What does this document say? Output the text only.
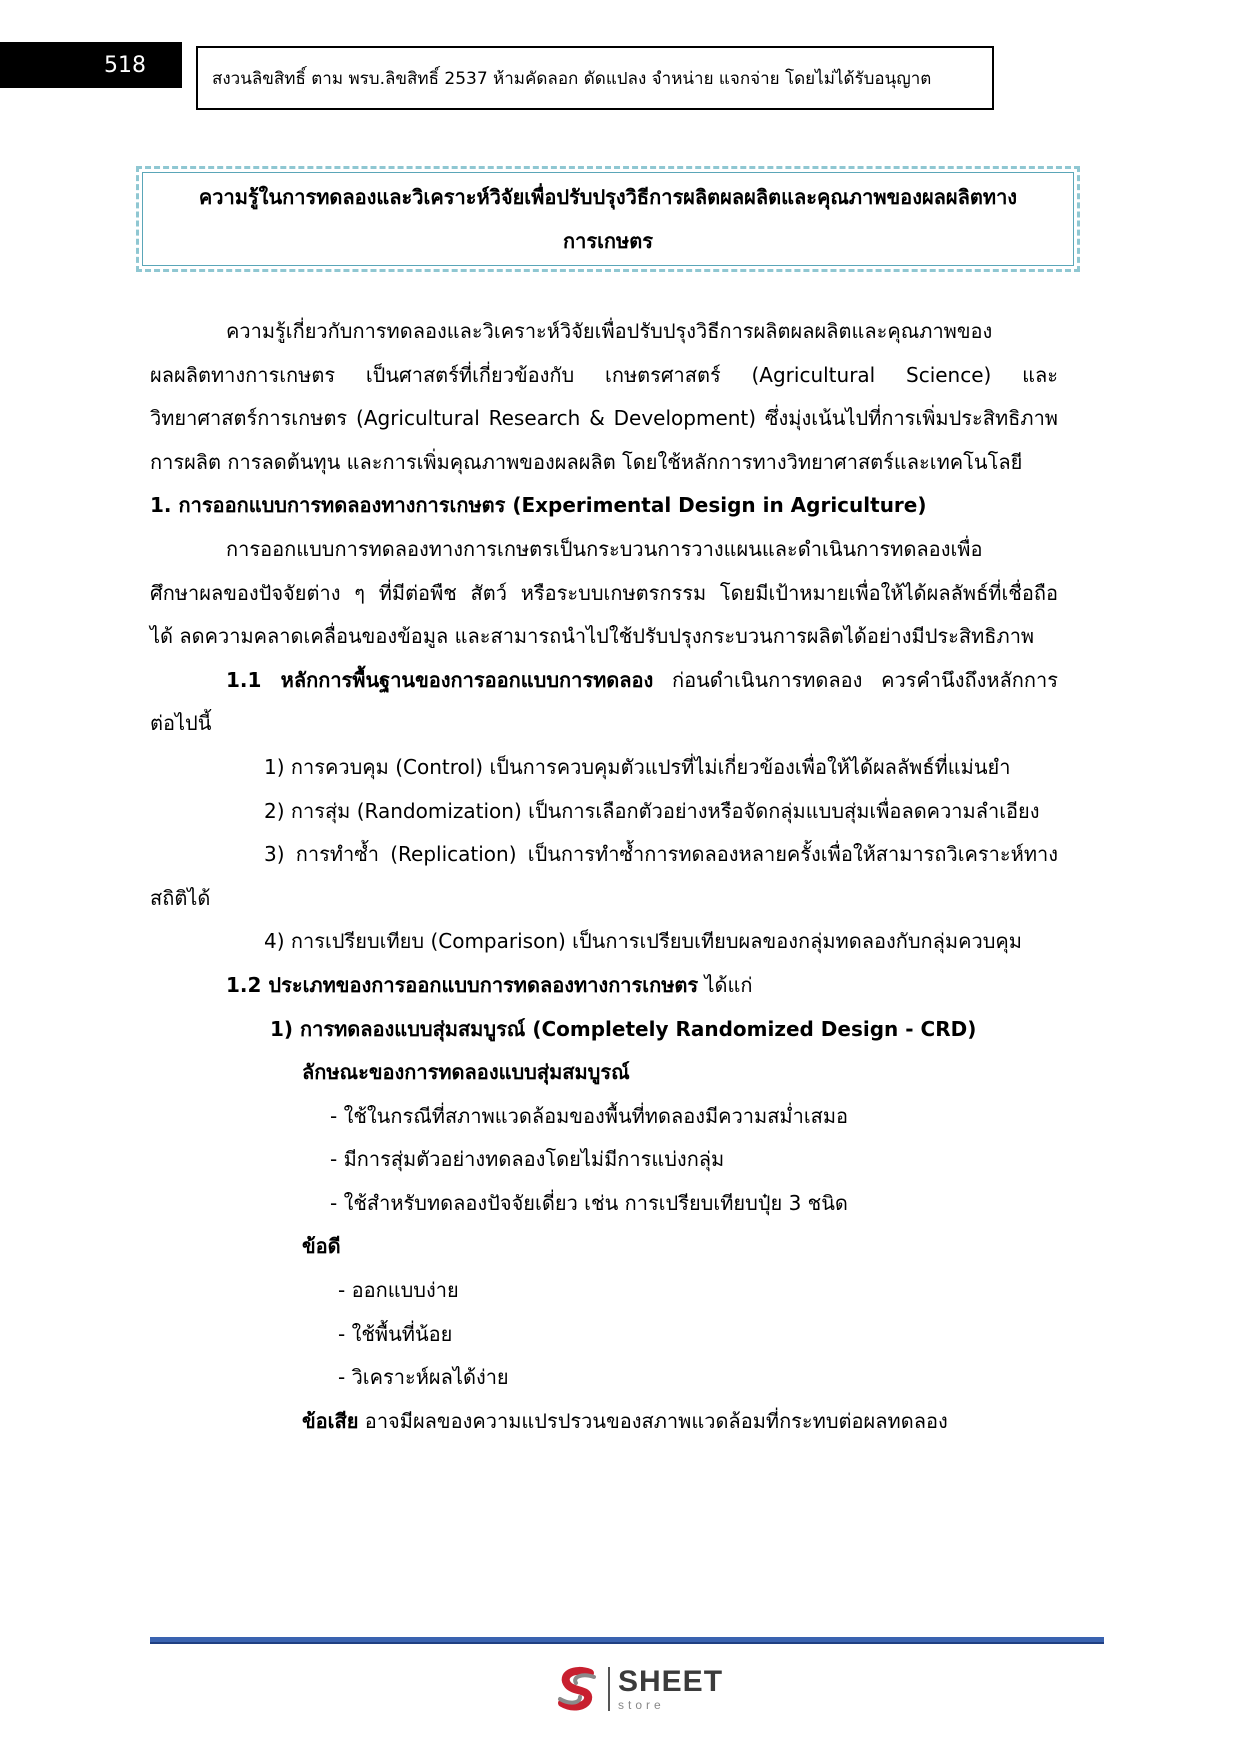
518
สงวนลิขสิทธิ์ ตาม พรบ.ลิขสิทธิ์ 2537 ห้ามคัดลอก ดัดแปลง จำหน่าย แจกจ่าย โดยไม่ได้รับอนุญาต
ความรู้ในการทดลองและวิเคราะห์วิจัยเพื่อปรับปรุงวิธีการผลิตผลผลิตและคุณภาพของผลผลิตทาง
การเกษตร

ความรู้เกี่ยวกับการทดลองและวิเคราะห์วิจัยเพื่อปรับปรุงวิธีการผลิตผลผลิตและคุณภาพของ

ผลผลิตทางการเกษตร เป็นศาสตร์ที่เกี่ยวข้องกับ เกษตรศาสตร์ (Agricultural Science) และ

วิทยาศาสตร์การเกษตร (Agricultural Research & Development) ซึ่งมุ่งเน้นไปที่การเพิ่มประสิทธิภาพ

การผลิต การลดต้นทุน และการเพิ่มคุณภาพของผลผลิต โดยใช้หลักการทางวิทยาศาสตร์และเทคโนโลยี

1. การออกแบบการทดลองทางการเกษตร (Experimental Design in Agriculture)

การออกแบบการทดลองทางการเกษตรเป็นกระบวนการวางแผนและดำเนินการทดลองเพื่อ

ศึกษาผลของปัจจัยต่าง ๆ ที่มีต่อพืช สัตว์ หรือระบบเกษตรกรรม โดยมีเป้าหมายเพื่อให้ได้ผลลัพธ์ที่เชื่อถือ

ได้ ลดความคลาดเคลื่อนของข้อมูล และสามารถนำไปใช้ปรับปรุงกระบวนการผลิตได้อย่างมีประสิทธิภาพ

1.1 หลักการพื้นฐานของการออกแบบการทดลอง ก่อนดำเนินการทดลอง ควรคำนึงถึงหลักการ

ต่อไปนี้

1) การควบคุม (Control) เป็นการควบคุมตัวแปรที่ไม่เกี่ยวข้องเพื่อให้ได้ผลลัพธ์ที่แม่นยำ

2) การสุ่ม (Randomization) เป็นการเลือกตัวอย่างหรือจัดกลุ่มแบบสุ่มเพื่อลดความลำเอียง

3) การทำซ้ำ (Replication) เป็นการทำซ้ำการทดลองหลายครั้งเพื่อให้สามารถวิเคราะห์ทาง

สถิติได้

4) การเปรียบเทียบ (Comparison) เป็นการเปรียบเทียบผลของกลุ่มทดลองกับกลุ่มควบคุม

1.2 ประเภทของการออกแบบการทดลองทางการเกษตร ได้แก่

1) การทดลองแบบสุ่มสมบูรณ์ (Completely Randomized Design - CRD)

ลักษณะของการทดลองแบบสุ่มสมบูรณ์

- ใช้ในกรณีที่สภาพแวดล้อมของพื้นที่ทดลองมีความสม่ำเสมอ

- มีการสุ่มตัวอย่างทดลองโดยไม่มีการแบ่งกลุ่ม

- ใช้สำหรับทดลองปัจจัยเดี่ยว เช่น การเปรียบเทียบปุ๋ย 3 ชนิด

ข้อดี

- ออกแบบง่าย

- ใช้พื้นที่น้อย

- วิเคราะห์ผลได้ง่าย

ข้อเสีย อาจมีผลของความแปรปรวนของสภาพแวดล้อมที่กระทบต่อผลทดลอง

SHEET
store
